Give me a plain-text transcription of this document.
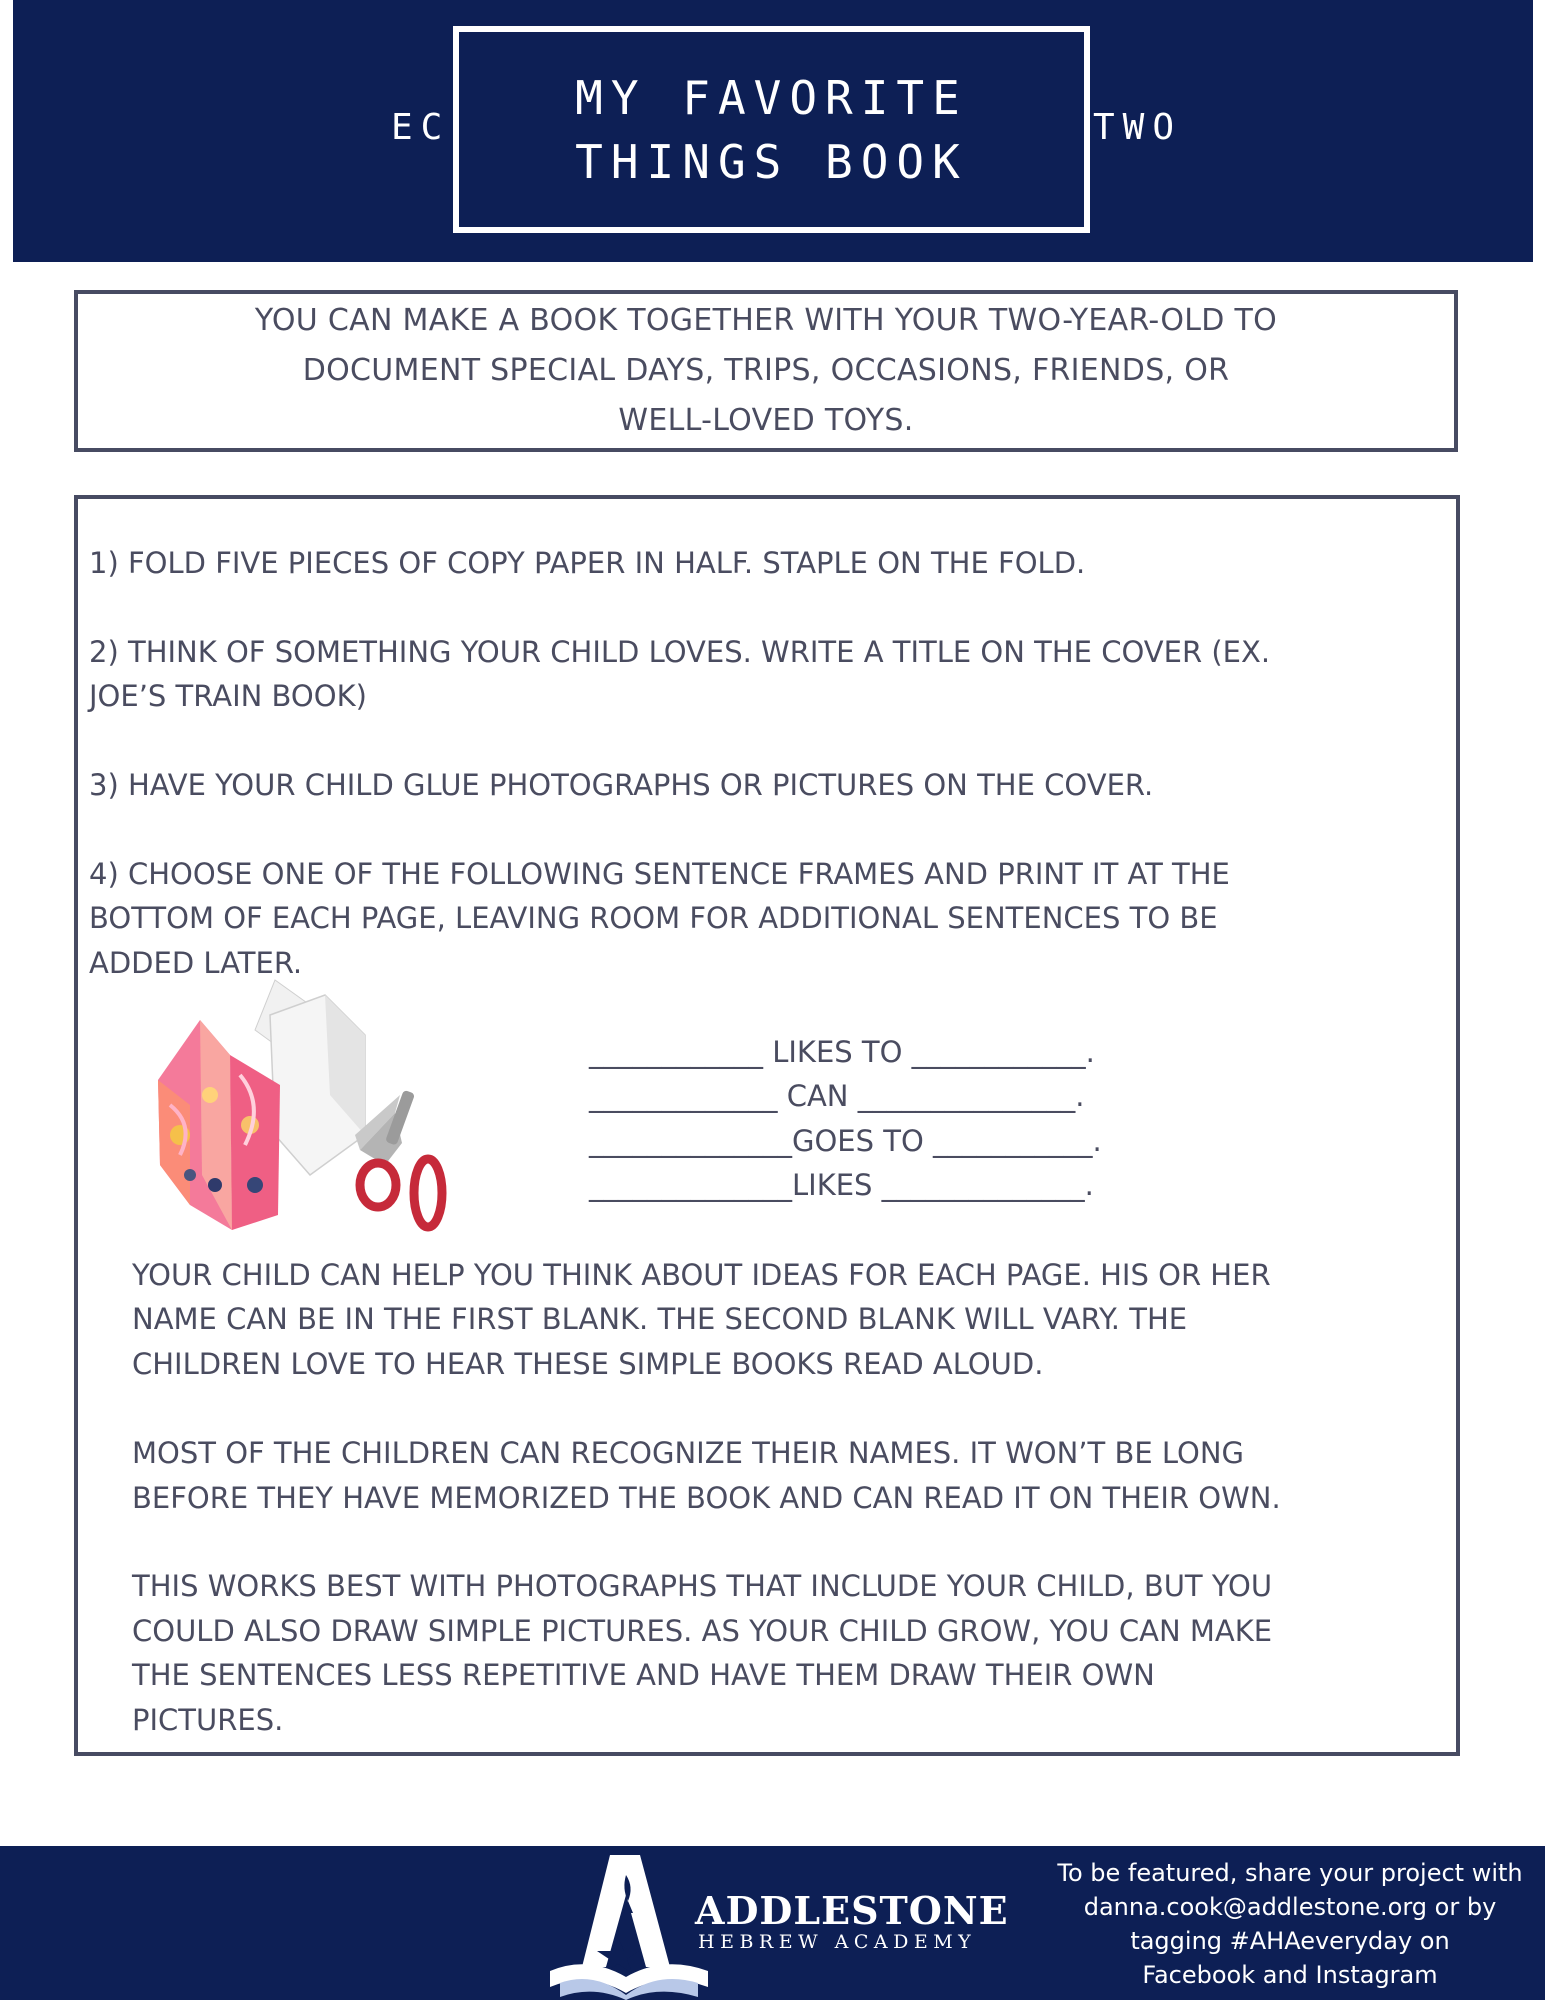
EC
MY FAVORITE
THINGS BOOK
TWO
YOU CAN MAKE A BOOK TOGETHER WITH YOUR TWO-YEAR-OLD TO
DOCUMENT SPECIAL DAYS, TRIPS, OCCASIONS, FRIENDS, OR
WELL-LOVED TOYS.
1) FOLD FIVE PIECES OF COPY PAPER IN HALF. STAPLE ON THE FOLD.
2) THINK OF SOMETHING YOUR CHILD LOVES. WRITE A TITLE ON THE COVER (EX.
JOE’S TRAIN BOOK)
3) HAVE YOUR CHILD GLUE PHOTOGRAPHS OR PICTURES ON THE COVER.
4) CHOOSE ONE OF THE FOLLOWING SENTENCE FRAMES AND PRINT IT AT THE
BOTTOM OF EACH PAGE, LEAVING ROOM FOR ADDITIONAL SENTENCES TO BE
ADDED LATER.
____________ LIKES TO ____________.
_____________ CAN _______________.
______________GOES TO ___________.
______________LIKES ______________.
YOUR CHILD CAN HELP YOU THINK ABOUT IDEAS FOR EACH PAGE. HIS OR HER
NAME CAN BE IN THE FIRST BLANK. THE SECOND BLANK WILL VARY. THE
CHILDREN LOVE TO HEAR THESE SIMPLE BOOKS READ ALOUD.
MOST OF THE CHILDREN CAN RECOGNIZE THEIR NAMES. IT WON’T BE LONG
BEFORE THEY HAVE MEMORIZED THE BOOK AND CAN READ IT ON THEIR OWN.
THIS WORKS BEST WITH PHOTOGRAPHS THAT INCLUDE YOUR CHILD, BUT YOU
COULD ALSO DRAW SIMPLE PICTURES. AS YOUR CHILD GROW, YOU CAN MAKE
THE SENTENCES LESS REPETITIVE AND HAVE THEM DRAW THEIR OWN
PICTURES.
ADDLESTONE
HEBREW ACADEMY
To be featured, share your project with
danna.cook@addlestone.org or by
tagging #AHAeveryday on
Facebook and Instagram
